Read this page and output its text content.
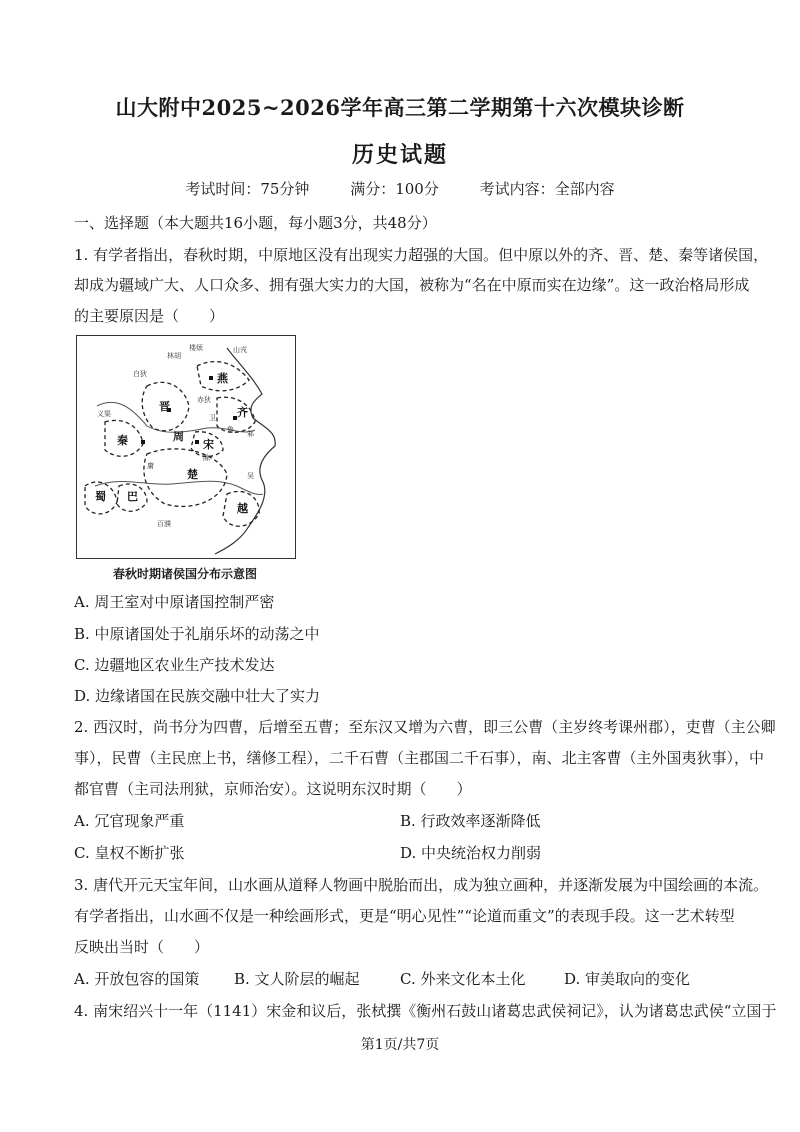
山大附中2025~2026学年高三第二学期第十六次模块诊断
历史试题
考试时间：75分钟	满分：100分	考试内容：全部内容
一、选择题（本大题共16小题，每小题3分，共48分）
1. 有学者指出，春秋时期，中原地区没有出现实力超强的大国。但中原以外的齐、晋、楚、秦等诸侯国，
却成为疆域广大、人口众多、拥有强大实力的大国，被称为“名在中原而实在边缘”。这一政治格局形成
的主要原因是（　　）
燕
晋	齐
秦	周
宋
楚
蜀 巴
越
山戎
林胡
楼烦
赤狄
白狄
义渠
邾
卫
鲁
陈
吴
庸
百濮
春秋时期诸侯国分布示意图
A. 周王室对中原诸国控制严密
B. 中原诸国处于礼崩乐坏的动荡之中
C. 边疆地区农业生产技术发达
D. 边缘诸国在民族交融中壮大了实力
2. 西汉时，尚书分为四曹，后增至五曹；至东汉又增为六曹，即三公曹（主岁终考课州郡），吏曹（主公卿
事），民曹（主民庶上书，缮修工程），二千石曹（主郡国二千石事），南、北主客曹（主外国夷狄事），中
都官曹（主司法刑狱，京师治安）。这说明东汉时期（　　）
A. 冗官现象严重	B. 行政效率逐渐降低
C. 皇权不断扩张	D. 中央统治权力削弱
3. 唐代开元天宝年间，山水画从道释人物画中脱胎而出，成为独立画种，并逐渐发展为中国绘画的本流。
有学者指出，山水画不仅是一种绘画形式，更是“明心见性”“论道而重文”的表现手段。这一艺术转型
反映出当时（　　）
A. 开放包容的国策 B. 文人阶层的崛起	C. 外来文化本土化	D. 审美取向的变化
4. 南宋绍兴十一年（1141）宋金和议后，张栻撰《衡州石鼓山诸葛忠武侯祠记》，认为诸葛忠武侯“立国于
第1页/共7页
